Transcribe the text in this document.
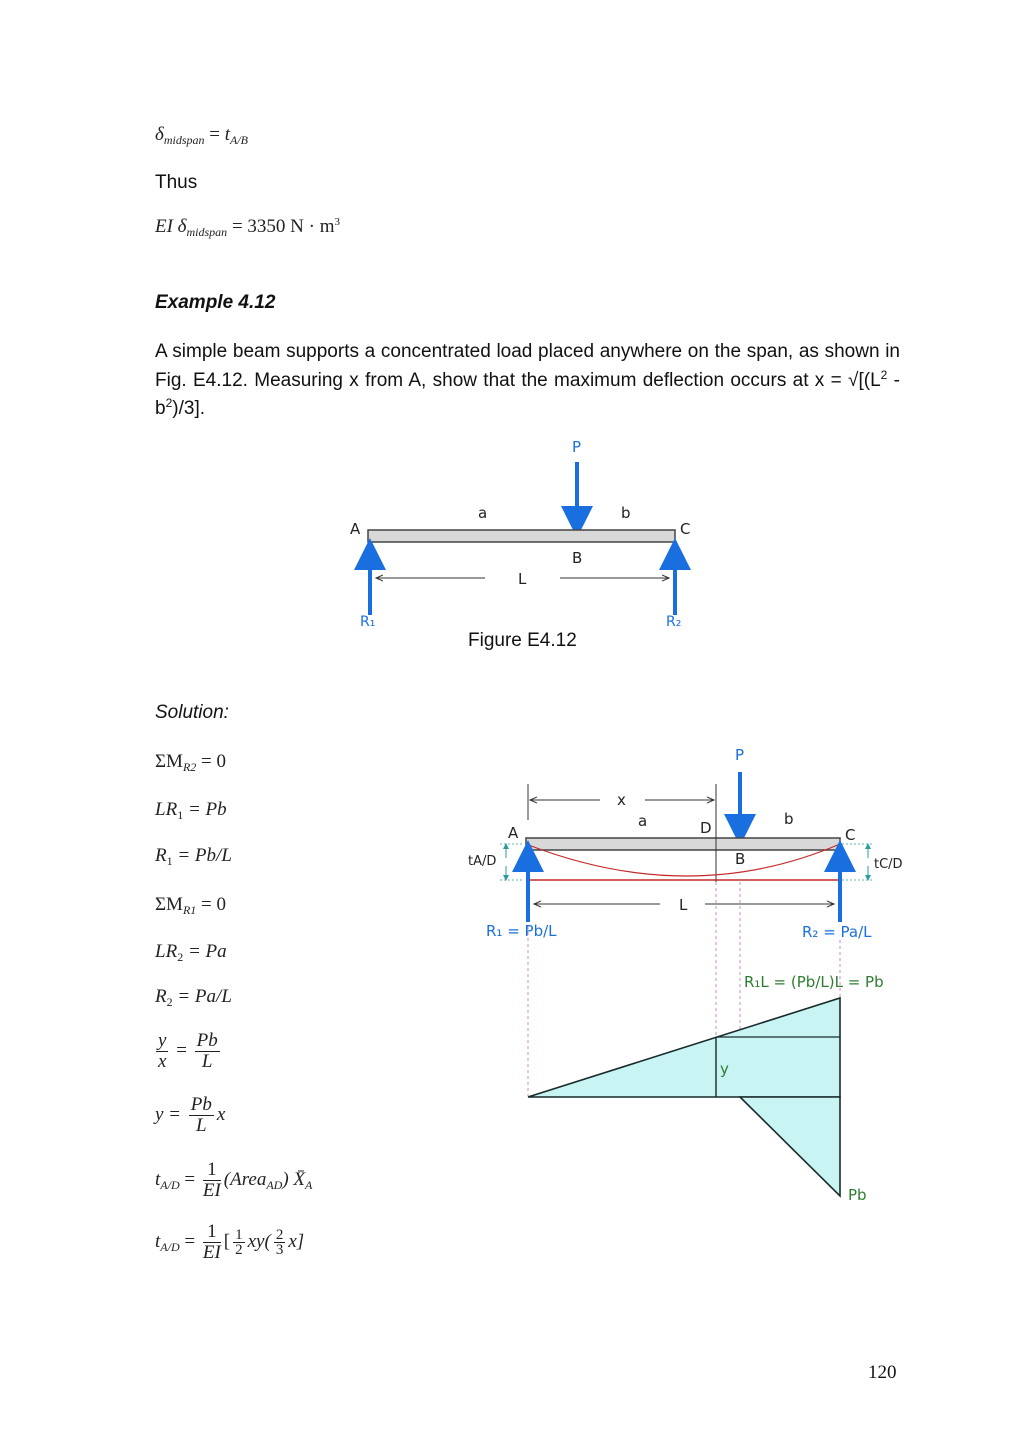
$\delta_{midspan} = t_{A/B}$
Thus
EI $\delta_{midspan} = 3350$ $N \cdot m^3$
Example 4.12
A simple beam supports a concentrated load placed anywhere on the span, as shown in Fig. E4.12. Measuring x from A, show that the maximum deflection occurs at $x = √[(L^2 - b^2)/3]$.
P
a	b
A	C
B
L
R₁	R₂
Figure E4.12
Solution:
$\Sigma M_{R2} = 0$
$LR_1 = Pb$
$R_1 = Pb/L$
$\Sigma M_{R1} = 0$
$LR_2 = Pa$
$R_2 = Pa/L$
$\frac{y}{x} = \frac{Pb}{L}$
$y = \frac{Pb}{L}$ x
$t_{A/D} = \frac{1}{EI}$ (Area$_{AD}$) $X̄_A$
$t_{A/D} = \frac{1}{EI}$ [ $\frac{1}{2} xy( \frac{2}{3} x]$
P
x
a	b
D
A	C
B
tA/D	tC/D
L
R₁ = Pb/L	R₂ = Pa/L
R₁L = (Pb/L)L = Pb
y
Pb
120
